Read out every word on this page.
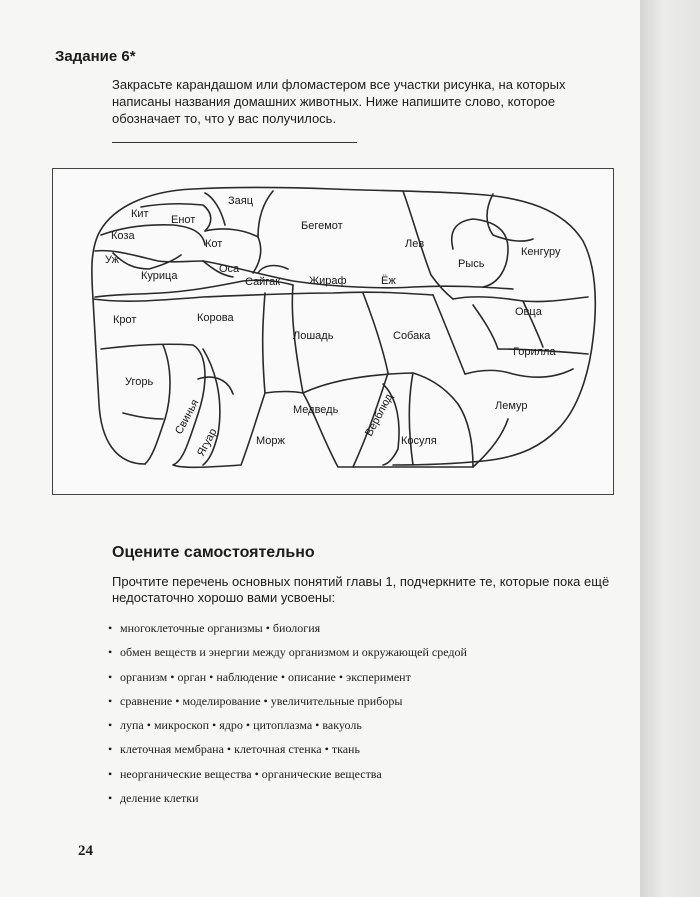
Задание 6*
Закрасьте карандашом или фломастером все участки рисунка, на которых написаны названия домашних животных. Ниже напишите слово, которое обозначает то, что у вас получилось.
Кит Енот
Заяц
Бегемот
Коза
Кот	Лев
Рысь
Кенгуру
Уж
Оса
Курица	Сайгак	Жираф	Ёж
Овца
Крот	Корова
Лошадь	Собака
Горилла
Угорь
Медведь Верблюд	Лемур
Свинья
Ягуар	Морж	Косуля
Оцените самостоятельно
Прочтите перечень основных понятий главы 1, подчеркните те, которые пока ещё недостаточно хорошо вами усвоены:
• многоклеточные организмы • биология
• обмен веществ и энергии между организмом и окружающей средой
• организм • орган • наблюдение • описание • эксперимент
• сравнение • моделирование • увеличительные приборы
• лупа • микроскоп • ядро • цитоплазма • вакуоль
• клеточная мембрана • клеточная стенка • ткань
• неорганические вещества • органические вещества
• деление клетки
24
